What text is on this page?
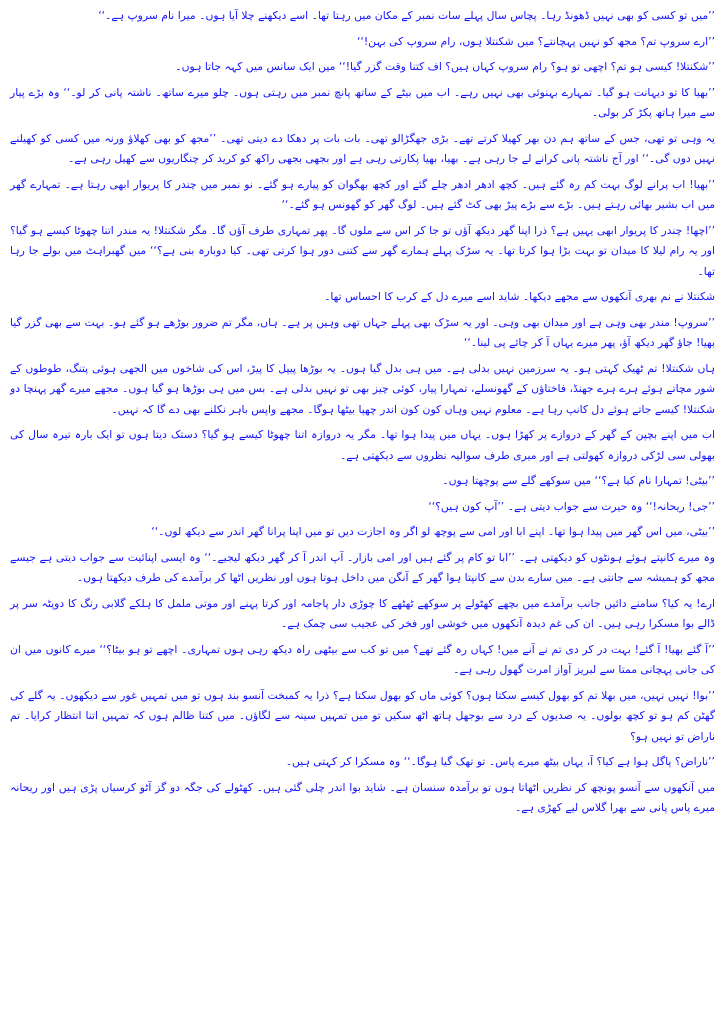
’’میں تو کسی کو بھی نہیں ڈھونڈ رہا۔ پچاس سال پہلے سات نمبر کے مکان میں رہتا تھا۔ اسے دیکھنے چلا آیا ہوں۔ میرا نام سروپ ہے۔‘‘

’’ارے سروپ تم؟ مجھ کو نہیں پہچانتے؟ میں شکنتلا ہوں، رام سروپ کی بہن!‘‘

’’شکنتلا! کیسی ہو تم؟ اچھی تو ہو؟ رام سروپ کہاں ہیں؟ اف کتنا وقت گزر گیا!‘‘ میں ایک سانس میں کہہ جاتا ہوں۔

’’بھیا کا تو دیہانت ہو گیا۔ تمہارے بہنوئی بھی نہیں رہے۔ اب میں بیٹے کے ساتھ پانچ نمبر میں رہتی ہوں۔ چلو میرے ساتھ۔ ناشتہ پانی کر لو۔‘‘ وہ بڑے پیار سے میرا ہاتھ پکڑ کر بولی۔

یہ وہی تو تھی، جس کے ساتھ ہم دن بھر کھیلا کرتے تھے۔ بڑی جھگڑالو تھی۔ بات بات پر دھکا دے دیتی تھی۔ ’’مجھ کو بھی کھلاؤ ورنہ میں کسی کو کھیلنے نہیں دوں گی۔‘‘ اور آج ناشتہ پانی کرانے لے جا رہی ہے۔ بھیا، بھیا پکارتی رہی ہے اور بجھی بجھی راکھ کو کرید کر چنگاریوں سے کھیل رہی ہے۔

’’بھیا! اب پرانے لوگ بہت کم رہ گئے ہیں۔ کچھ ادھر ادھر چلے گئے اور کچھ بھگوان کو پیارے ہو گئے۔ نو نمبر میں چندر کا پریوار ابھی رہتا ہے۔ تمہارے گھر میں اب بشیر بھائی رہتے ہیں۔ بڑے سے بڑے پیڑ بھی کٹ گئے ہیں۔ لوگ گھر کو گھونس ہو گئے۔‘‘

’’اچھا! چندر کا پریوار ابھی یہیں ہے؟ ذرا اپنا گھر دیکھ آؤں تو جا کر اس سے ملوں گا۔ پھر تمہاری طرف آؤں گا۔ مگر شکنتلا! یہ مندر اتنا چھوٹا کیسے ہو گیا؟ اور یہ رام لیلا کا میدان تو بہت بڑا ہوا کرتا تھا۔ یہ سڑک پہلے ہمارے گھر سے کتنی دور ہوا کرتی تھی۔ کیا دوبارہ بنی ہے؟‘‘ میں گھبراہٹ میں بولے جا رہا تھا۔

شکنتلا نے نم بھری آنکھوں سے مجھے دیکھا۔ شاید اسے میرے دل کے کرب کا احساس تھا۔

’’سروپ! مندر بھی وہی ہے اور میدان بھی وہی۔ اور یہ سڑک بھی پہلے جہاں تھی وہیں پر ہے۔ ہاں، مگر تم ضرور بوڑھے ہو گئے ہو۔ بہت سے بھی گزر گیا بھیا! جاؤ گھر دیکھ آؤ، پھر میرے یہاں آ کر چائے پی لینا۔‘‘

ہاں شکنتلا! تم ٹھیک کہتی ہو۔ یہ سرزمین نہیں بدلی ہے۔ میں ہی بدل گیا ہوں۔ یہ بوڑھا پیپل کا پیڑ، اس کی شاخوں میں الجھی ہوئی پتنگ، طوطوں کے شور مچاتے ہوئے ہرے ہرے جھنڈ، فاختاؤں کے گھونسلے، تمہارا پیار، کوئی چیز بھی تو نہیں بدلی ہے۔ بس میں ہی بوڑھا ہو گیا ہوں۔ مجھے میرے گھر پہنچا دو شکنتلا! کیسے جاتے ہوئے دل کانپ رہا ہے۔ معلوم نہیں وہاں کون کون اندر چھپا بیٹھا ہوگا۔ مجھے واپس باہر نکلنے بھی دے گا کہ نہیں۔

اب میں اپنے بچپن کے گھر کے دروازے پر کھڑا ہوں۔ یہاں میں پیدا ہوا تھا۔ مگر یہ دروازہ اتنا چھوٹا کیسے ہو گیا؟ دستک دیتا ہوں تو ایک بارہ تیرہ سال کی بھولی سی لڑکی دروازہ کھولتی ہے اور میری طرف سوالیہ نظروں سے دیکھتی ہے۔

’’بیٹی! تمہارا نام کیا ہے؟‘‘ میں سوکھے گلے سے پوچھتا ہوں۔

’’جی! ریحانہ!‘‘ وہ حیرت سے جواب دیتی ہے۔ ’’آپ کون ہیں؟‘‘

’’بیٹی، میں اس گھر میں پیدا ہوا تھا۔ اپنے ابا اور امی سے پوچھ لو اگر وہ اجازت دیں تو میں اپنا پرانا گھر اندر سے دیکھ لوں۔‘‘

وہ میرے کانپتے ہوئے ہونٹوں کو دیکھتی ہے۔ ’’ابا تو کام پر گئے ہیں اور امی بازار۔ آپ اندر آ کر گھر دیکھ لیجیے۔‘‘ وہ ایسی اپنائیت سے جواب دیتی ہے جیسے مجھ کو ہمیشہ سے جانتی ہے۔ میں سارے بدن سے کانپتا ہوا گھر کے آنگن میں داخل ہوتا ہوں اور نظریں اٹھا کر برآمدے کی طرف دیکھتا ہوں۔

ارے! یہ کیا؟ سامنے دائیں جانب برآمدے میں بچھے کھٹولے پر سوکھے ٹھٹھے کا چوڑی دار پاجامہ اور کرتا پہنے اور موتی ململ کا ہلکے گلابی رنگ کا دوپٹہ سر پر ڈالے بوا مسکرا رہی ہیں۔ ان کی غم دیدہ آنکھوں میں خوشی اور فخر کی عجیب سی چمک ہے۔

’’آ گئے بھیا! آ گئے! بہت در کر دی تم نے آنے میں! کہاں رہ گئے تھے؟ میں تو کب سے بیٹھی راہ دیکھ رہی ہوں تمہاری۔ اچھے تو ہو بیٹا؟‘‘ میرے کانوں میں ان کی جانی پہچانی ممتا سے لبریز آواز امرت گھول رہی ہے۔

’’بوا! نہیں نہیں، میں بھلا تم کو بھول کیسے سکتا ہوں؟ کوئی ماں کو بھول سکتا ہے؟ ذرا یہ کمبخت آنسو بند ہوں تو میں تمہیں غور سے دیکھوں۔ یہ گلے کی گھٹن کم ہو تو کچھ بولوں۔ یہ صدیوں کے درد سے بوجھل ہاتھ اٹھ سکیں تو میں تمہیں سینہ سے لگاؤں۔ میں کتنا ظالم ہوں کہ تمہیں اتنا انتظار کرایا۔ تم ناراض تو نہیں ہو؟

’’ناراض؟ پاگل ہوا ہے کیا؟ آ، یہاں بیٹھ میرے پاس۔ تو تھک گیا ہوگا۔‘‘ وہ مسکرا کر کہتی ہیں۔

میں آنکھوں سے آنسو پونچھ کر نظریں اٹھاتا ہوں تو برآمدہ سنسان ہے۔ شاید بوا اندر چلی گئی ہیں۔ کھٹولے کی جگہ دو گز آٹو کرسیاں پڑی ہیں اور ریحانہ میرے پاس پانی سے بھرا گلاس لیے کھڑی ہے۔
